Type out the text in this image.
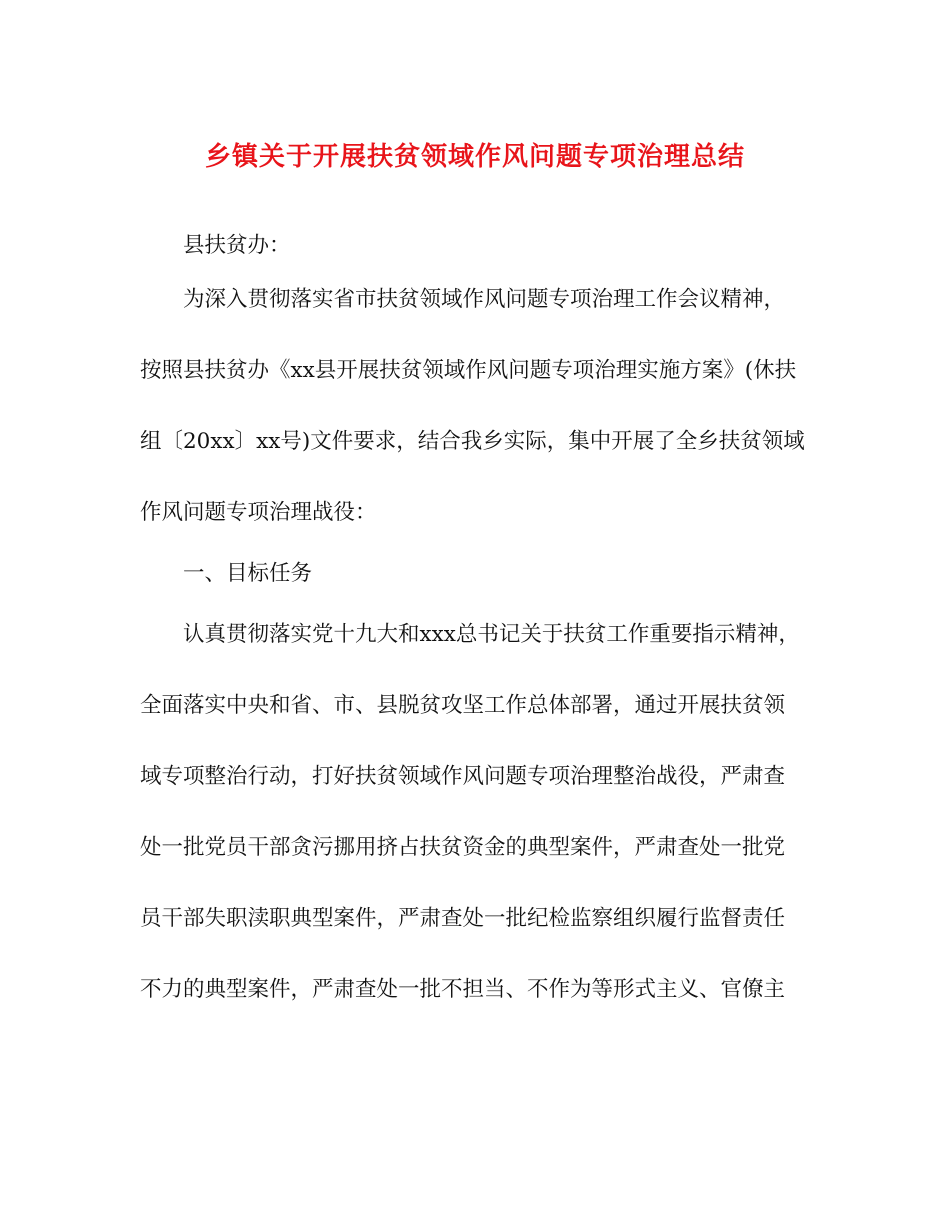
乡镇关于开展扶贫领域作风问题专项治理总结
县扶贫办：
为深入贯彻落实省市扶贫领域作风问题专项治理工作会议精神，
按照县扶贫办《xx县开展扶贫领域作风问题专项治理实施方案》(休扶
组〔20xx〕xx号)文件要求，结合我乡实际，集中开展了全乡扶贫领域
作风问题专项治理战役：
一、目标任务
认真贯彻落实党十九大和xxx总书记关于扶贫工作重要指示精神，
全面落实中央和省、市、县脱贫攻坚工作总体部署，通过开展扶贫领
域专项整治行动，打好扶贫领域作风问题专项治理整治战役，严肃查
处一批党员干部贪污挪用挤占扶贫资金的典型案件，严肃查处一批党
员干部失职渎职典型案件，严肃查处一批纪检监察组织履行监督责任
不力的典型案件，严肃查处一批不担当、不作为等形式主义、官僚主
